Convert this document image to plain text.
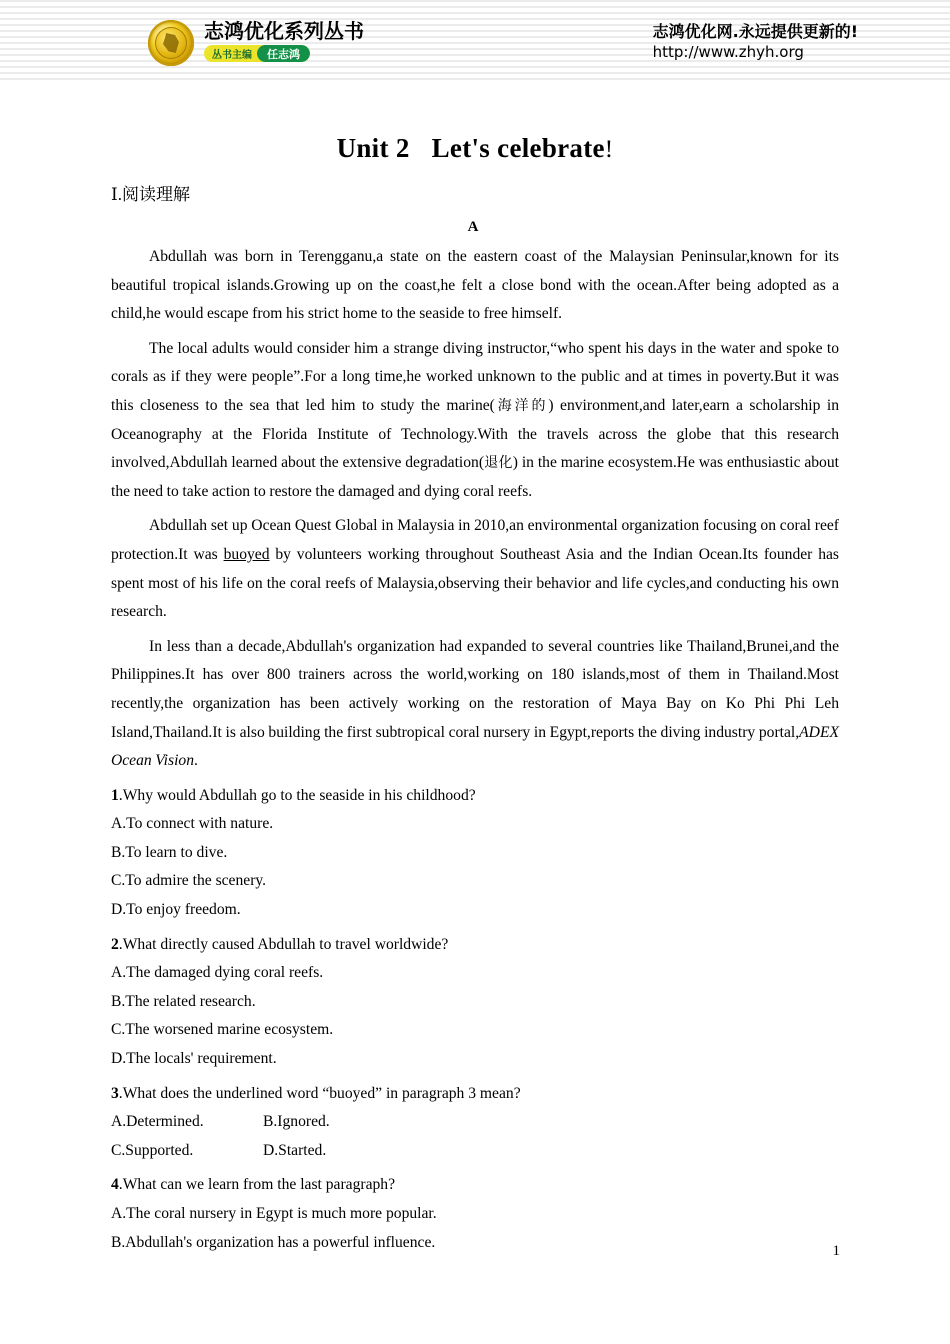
志鸿优化系列丛书
丛书主编	任志鸿
志鸿优化网.永远提供更新的!
http://www.zhyh.org
Unit 2 Let's celebrate!
Ⅰ.阅读理解
A
Abdullah was born in Terengganu,a state on the eastern coast of the Malaysian Peninsular,known for its beautiful tropical islands.Growing up on the coast,he felt a close bond with the ocean.After being adopted as a child,he would escape from his strict home to the seaside to free himself.
The local adults would consider him a strange diving instructor,“who spent his days in the water and spoke to corals as if they were people”.For a long time,he worked unknown to the public and at times in poverty.But it was this closeness to the sea that led him to study the marine(海洋的) environment,and later,earn a scholarship in Oceanography at the Florida Institute of Technology.With the travels across the globe that this research involved,Abdullah learned about the extensive degradation(退化) in the marine ecosystem.He was enthusiastic about the need to take action to restore the damaged and dying coral reefs.
Abdullah set up Ocean Quest Global in Malaysia in 2010,an environmental organization focusing on coral reef protection.It was buoyed by volunteers working throughout Southeast Asia and the Indian Ocean.Its founder has spent most of his life on the coral reefs of Malaysia,observing their behavior and life cycles,and conducting his own research.
In less than a decade,Abdullah's organization had expanded to several countries like Thailand,Brunei,and the Philippines.It has over 800 trainers across the world,working on 180 islands,most of them in Thailand.Most recently,the organization has been actively working on the restoration of Maya Bay on Ko Phi Phi Leh Island,Thailand.It is also building the first subtropical coral nursery in Egypt,reports the diving industry portal,ADEX Ocean Vision.
1.Why would Abdullah go to the seaside in his childhood?
A.To connect with nature.
B.To learn to dive.
C.To admire the scenery.
D.To enjoy freedom.
2.What directly caused Abdullah to travel worldwide?
A.The damaged dying coral reefs.
B.The related research.
C.The worsened marine ecosystem.
D.The locals' requirement.
3.What does the underlined word “buoyed” in paragraph 3 mean?
A.Determined.	B.Ignored.
C.Supported.	D.Started.
4.What can we learn from the last paragraph?
A.The coral nursery in Egypt is much more popular.
B.Abdullah's organization has a powerful influence.
1
